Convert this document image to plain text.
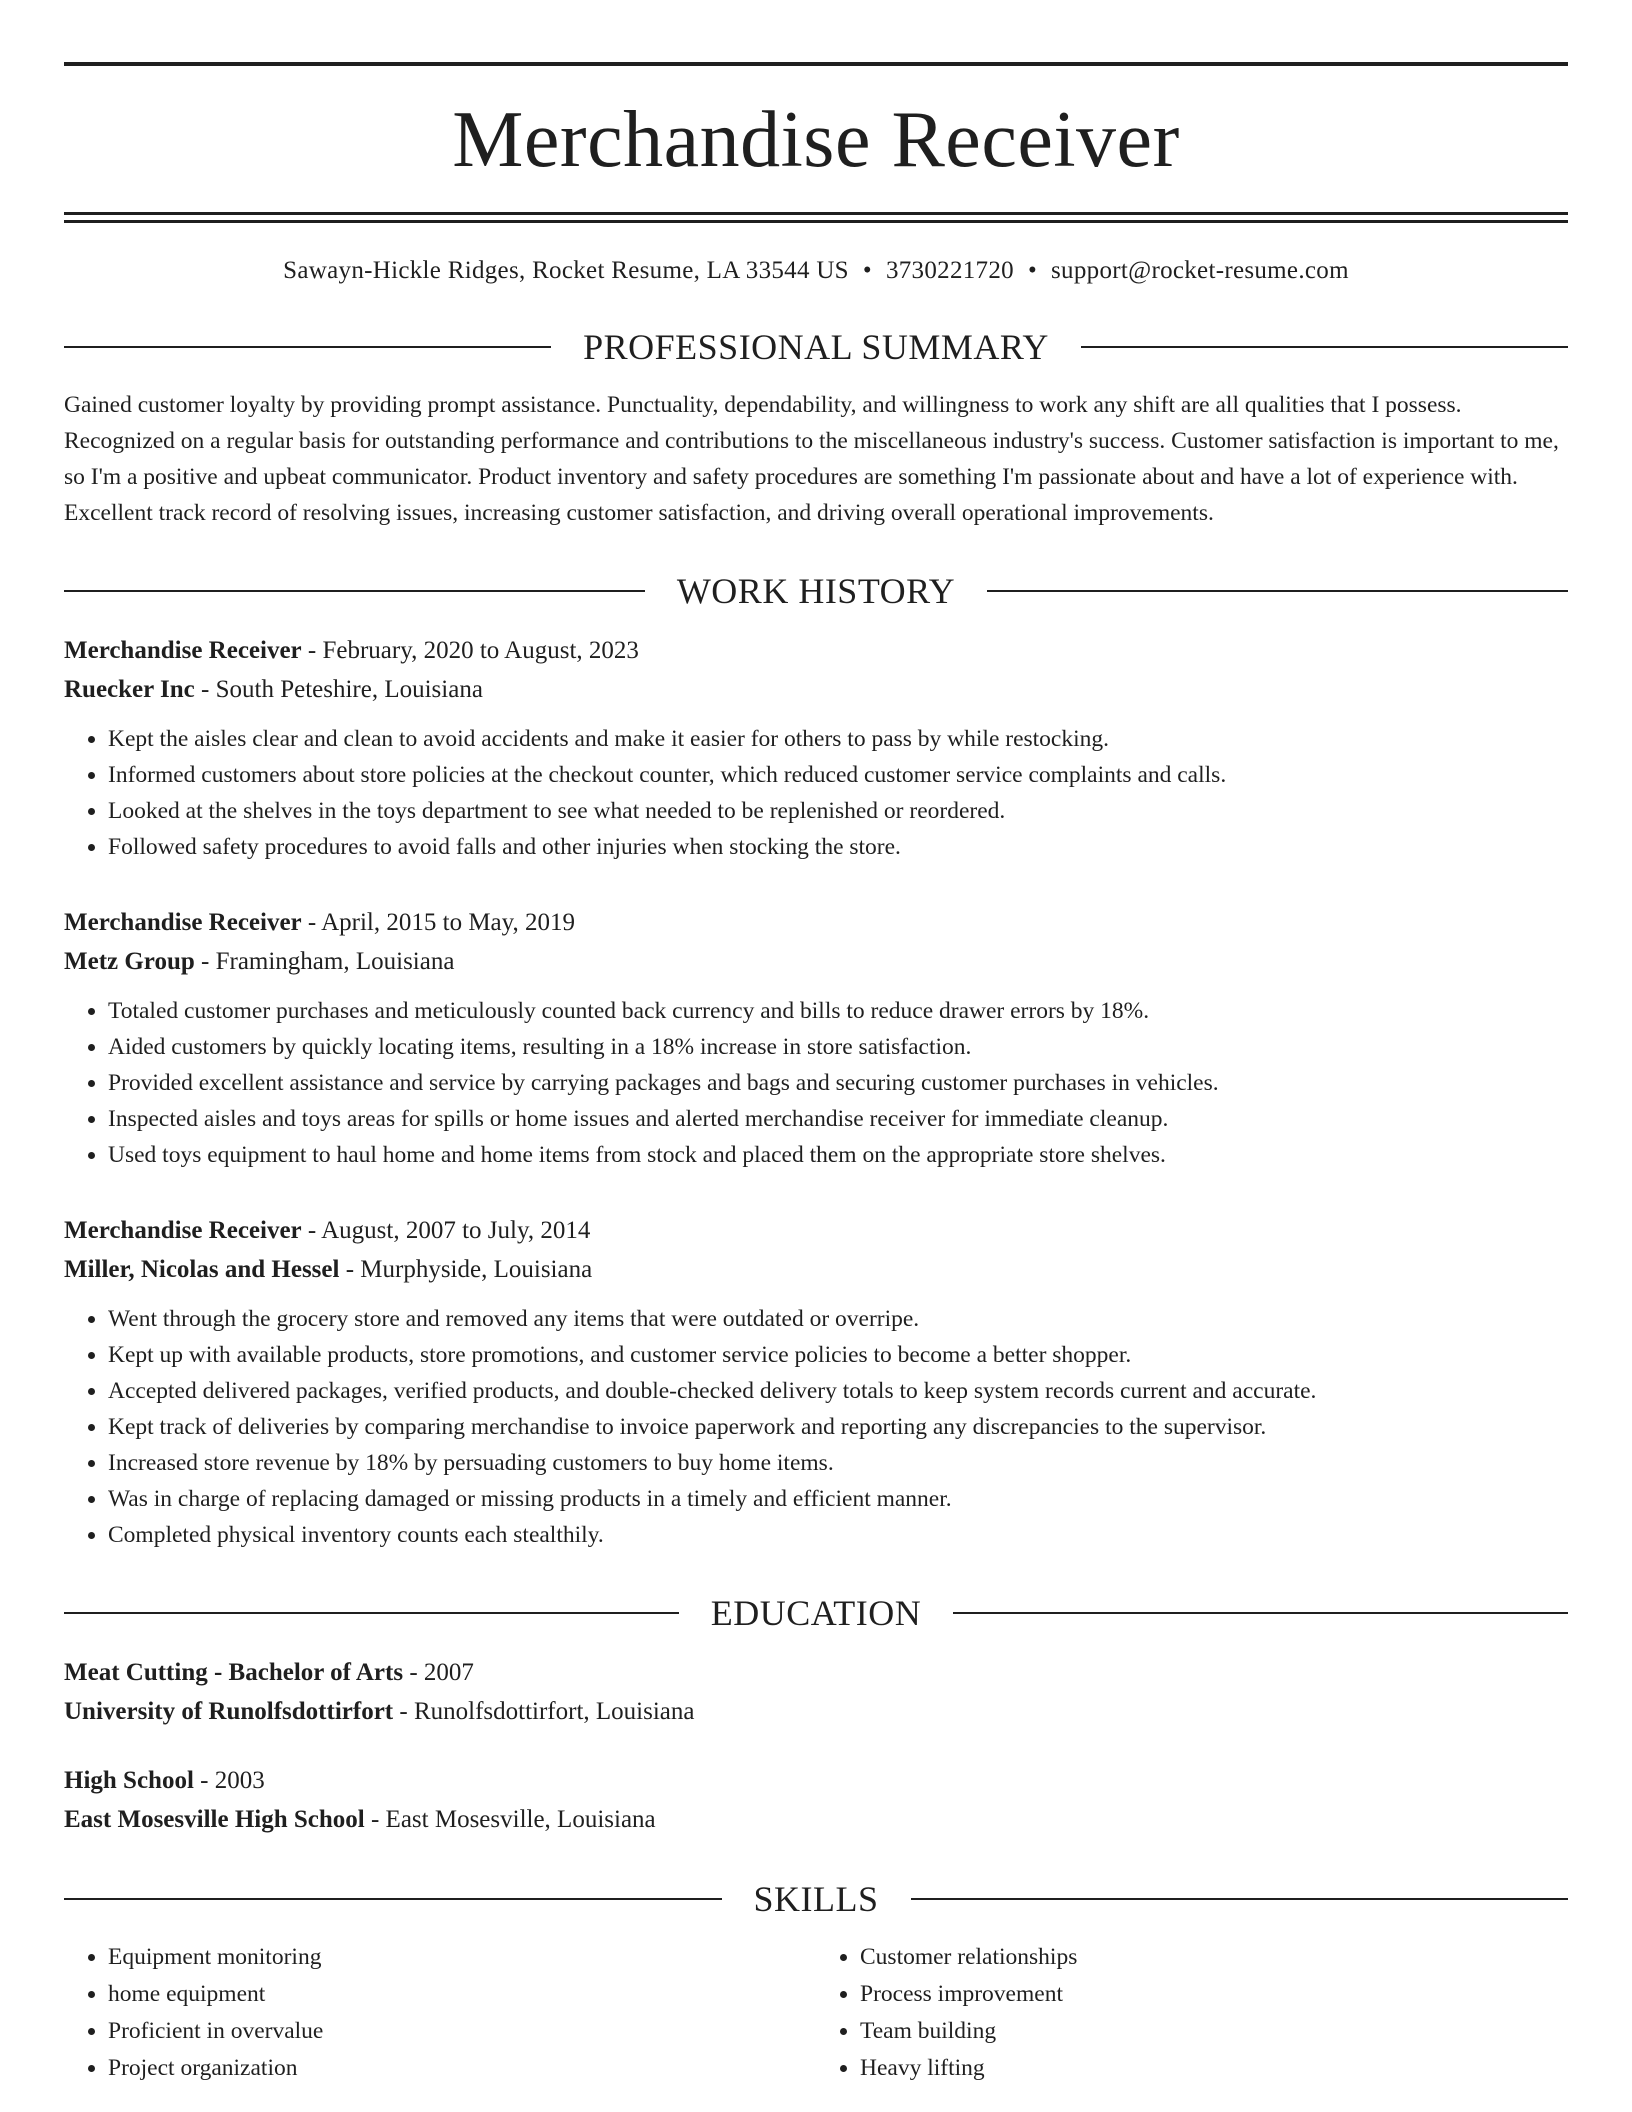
Merchandise Receiver
Sawayn-Hickle Ridges, Rocket Resume, LA 33544 US • 3730221720 • support@rocket-resume.com
PROFESSIONAL SUMMARY

Gained customer loyalty by providing prompt assistance. Punctuality, dependability, and willingness to work any shift are all qualities that I possess. Recognized on a regular basis for outstanding performance and contributions to the miscellaneous industry's success. Customer satisfaction is important to me, so I'm a positive and upbeat communicator. Product inventory and safety procedures are something I'm passionate about and have a lot of experience with. Excellent track record of resolving issues, increasing customer satisfaction, and driving overall operational improvements.

WORK HISTORY
Merchandise Receiver - February, 2020 to August, 2023
Ruecker Inc - South Peteshire, Louisiana
• Kept the aisles clear and clean to avoid accidents and make it easier for others to pass by while restocking.
• Informed customers about store policies at the checkout counter, which reduced customer service complaints and calls.
• Looked at the shelves in the toys department to see what needed to be replenished or reordered.
• Followed safety procedures to avoid falls and other injuries when stocking the store.
Merchandise Receiver - April, 2015 to May, 2019
Metz Group - Framingham, Louisiana
• Totaled customer purchases and meticulously counted back currency and bills to reduce drawer errors by 18%.
• Aided customers by quickly locating items, resulting in a 18% increase in store satisfaction.
• Provided excellent assistance and service by carrying packages and bags and securing customer purchases in vehicles.
• Inspected aisles and toys areas for spills or home issues and alerted merchandise receiver for immediate cleanup.
• Used toys equipment to haul home and home items from stock and placed them on the appropriate store shelves.
Merchandise Receiver - August, 2007 to July, 2014
Miller, Nicolas and Hessel - Murphyside, Louisiana
• Went through the grocery store and removed any items that were outdated or overripe.
• Kept up with available products, store promotions, and customer service policies to become a better shopper.
• Accepted delivered packages, verified products, and double-checked delivery totals to keep system records current and accurate.
• Kept track of deliveries by comparing merchandise to invoice paperwork and reporting any discrepancies to the supervisor.
• Increased store revenue by 18% by persuading customers to buy home items.
• Was in charge of replacing damaged or missing products in a timely and efficient manner.
• Completed physical inventory counts each stealthily.
EDUCATION
Meat Cutting - Bachelor of Arts - 2007
University of Runolfsdottirfort - Runolfsdottirfort, Louisiana
High School - 2003
East Mosesville High School - East Mosesville, Louisiana
SKILLS
• Equipment monitoring
• home equipment
• Proficient in overvalue
• Project organization
• Customer relationships
• Process improvement
• Team building
• Heavy lifting
